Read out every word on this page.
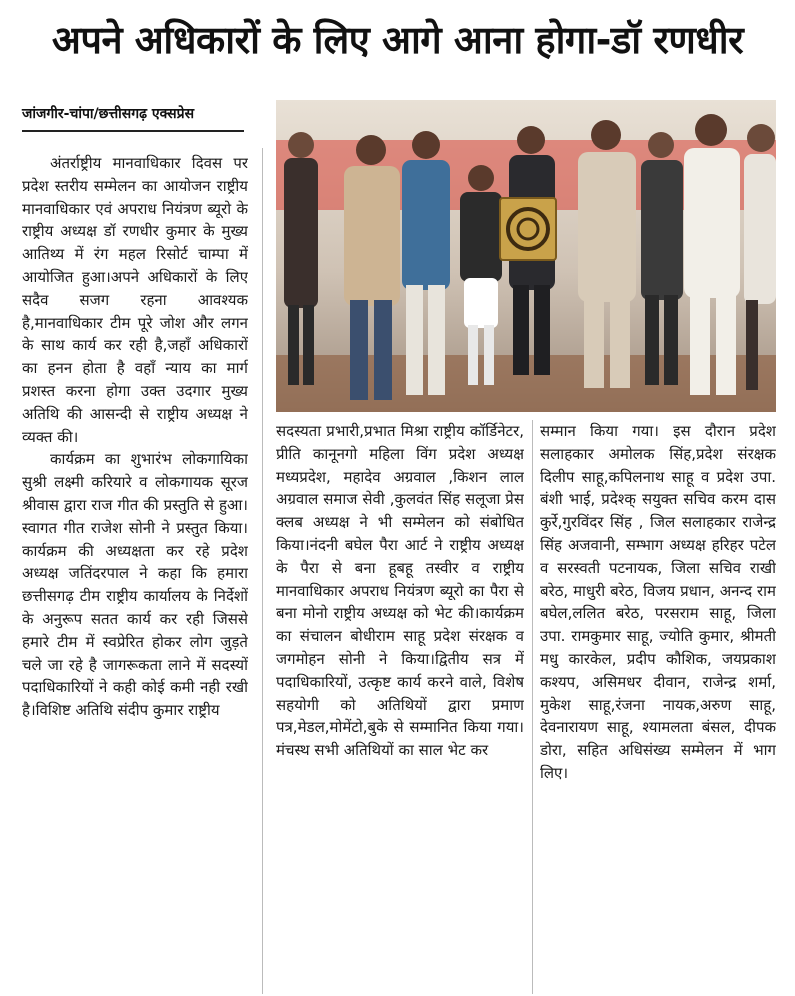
अपने अधिकारों के लिए आगे आना होगा-डॉ रणधीर
जांजगीर-चांपा/छत्तीसगढ़ एक्सप्रेस

अंतर्राष्ट्रीय मानवाधिकार दिवस पर प्रदेश स्तरीय सम्मेलन का आयोजन राष्ट्रीय मानवाधिकार एवं अपराध नियंत्रण ब्यूरो के राष्ट्रीय अध्यक्ष डॉ रणधीर कुमार के मुख्य आतिथ्य में रंग महल रिसोर्ट चाम्पा में आयोजित हुआ।अपने अधिकारों के लिए सदैव सजग रहना आवश्यक है,मानवाधिकार टीम पूरे जोश और लगन के साथ कार्य कर रही है,जहाँ अधिकारों का हनन होता है वहाँ न्याय का मार्ग प्रशस्त करना होगा उक्त उदगार मुख्य अतिथि की आसन्दी से राष्ट्रीय अध्यक्ष ने व्यक्त की।

कार्यक्रम का शुभारंभ लोकगायिका सुश्री लक्ष्मी करियारे व लोकगायक सूरज श्रीवास द्वारा राज गीत की प्रस्तुति से हुआ।स्वागत गीत राजेश सोनी ने प्रस्तुत किया।कार्यक्रम की अध्यक्षता कर रहे प्रदेश अध्यक्ष जतिंदरपाल ने कहा कि हमारा छत्तीसगढ़ टीम राष्ट्रीय कार्यालय के निर्देशों के अनुरूप सतत कार्य कर रही जिससे हमारे टीम में स्वप्रेरित होकर लोग जुड़ते चले जा रहे है जागरूकता लाने में सदस्यों पदाधिकारियों ने कही कोई कमी नही रखी है।विशिष्ट अतिथि संदीप कुमार राष्ट्रीय

सदस्यता प्रभारी,प्रभात मिश्रा राष्ट्रीय कॉर्डिनेटर, प्रीति कानूनगो महिला विंग प्रदेश अध्यक्ष मध्यप्रदेश, महादेव अग्रवाल ,किशन लाल अग्रवाल समाज सेवी ,कुलवंत सिंह सलूजा प्रेस क्लब अध्यक्ष ने भी सम्मेलन को संबोधित किया।नंदनी बघेल पैरा आर्ट ने राष्ट्रीय अध्यक्ष के पैरा से बना हूबहू तस्वीर व राष्ट्रीय मानवाधिकार अपराध नियंत्रण ब्यूरो का पैरा से बना मोनो राष्ट्रीय अध्यक्ष को भेट की।कार्यक्रम का संचालन बोधीराम साहू प्रदेश संरक्षक व जगमोहन सोनी ने किया।द्वितीय सत्र में पदाधिकारियों, उत्कृष्ट कार्य करने वाले, विशेष सहयोगी को अतिथियों द्वारा प्रमाण पत्र,मेडल,मोमेंटो,बुके से सम्मानित किया गया।मंचस्थ सभी अतिथियों का साल भेट कर

सम्मान किया गया। इस दौरान प्रदेश सलाहकार अमोलक सिंह,प्रदेश संरक्षक दिलीप साहू,कपिलनाथ साहू व प्रदेश उपा. बंशी भाई, प्रदेश्क् सयुक्त सचिव करम दास कुर्रे,गुरविंदर सिंह , जिल सलाहकार राजेन्द्र सिंह अजवानी, सम्भाग अध्यक्ष हरिहर पटेल व सरस्वती पटनायक, जिला सचिव राखी बरेठ, माधुरी बरेठ, विजय प्रधान, अनन्द राम बघेल,ललित बरेठ, परसराम साहू, जिला उपा. रामकुमार साहू, ज्योति कुमार, श्रीमती मधु कारकेल, प्रदीप कौशिक, जयप्रकाश कश्यप, असिमधर दीवान, राजेन्द्र शर्मा, मुकेश साहू,रंजना नायक,अरुण साहू, देवनारायण साहू, श्यामलता बंसल, दीपक डोरा, सहित अधिसंख्य सम्मेलन में भाग लिए।
